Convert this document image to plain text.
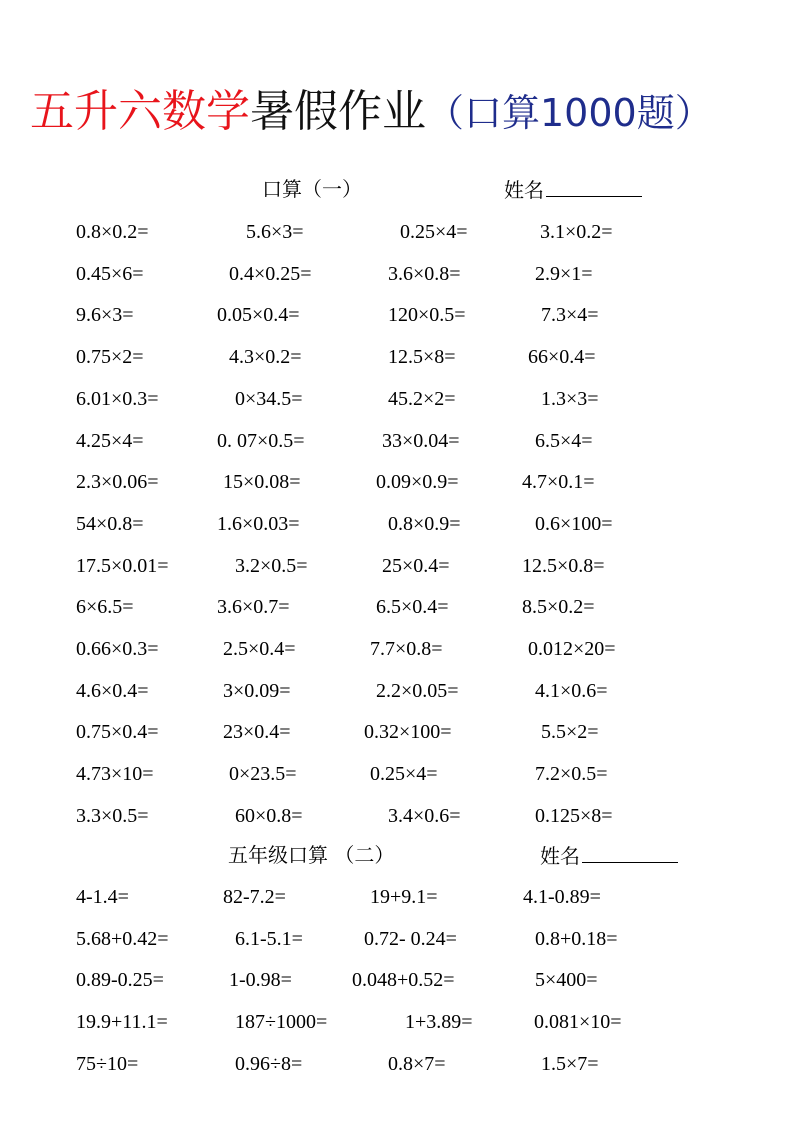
五升六数学暑假作业（口算1000题）
口算（一）	姓名
0.8×0.2=	5.6×3=	0.25×4=	3.1×0.2=
0.45×6=	0.4×0.25=	3.6×0.8=	2.9×1=
9.6×3=	0.05×0.4=	120×0.5=	7.3×4=
0.75×2=	4.3×0.2=	12.5×8=	66×0.4=
6.01×0.3=	0×34.5=	45.2×2=	1.3×3=
4.25×4=	0. 07×0.5=	33×0.04=	6.5×4=
2.3×0.06=	15×0.08=	0.09×0.9=	4.7×0.1=
54×0.8=	1.6×0.03=	0.8×0.9=	0.6×100=
17.5×0.01=	3.2×0.5=	25×0.4=	12.5×0.8=
6×6.5=	3.6×0.7=	6.5×0.4=	8.5×0.2=
0.66×0.3=	2.5×0.4=	7.7×0.8=	0.012×20=
4.6×0.4=	3×0.09=	2.2×0.05=	4.1×0.6=
0.75×0.4=	23×0.4=	0.32×100=	5.5×2=
4.73×10=	0×23.5=	0.25×4=	7.2×0.5=
3.3×0.5=	60×0.8=	3.4×0.6=	0.125×8=
五年级口算 （二）	姓名
4-1.4=	82-7.2=	19+9.1=	4.1-0.89=
5.68+0.42=	6.1-5.1=	0.72- 0.24=	0.8+0.18=
0.89-0.25=	1-0.98=	0.048+0.52=	5×400=
19.9+11.1=	187÷1000=	1+3.89=	0.081×10=
75÷10=	0.96÷8=	0.8×7=	1.5×7=
